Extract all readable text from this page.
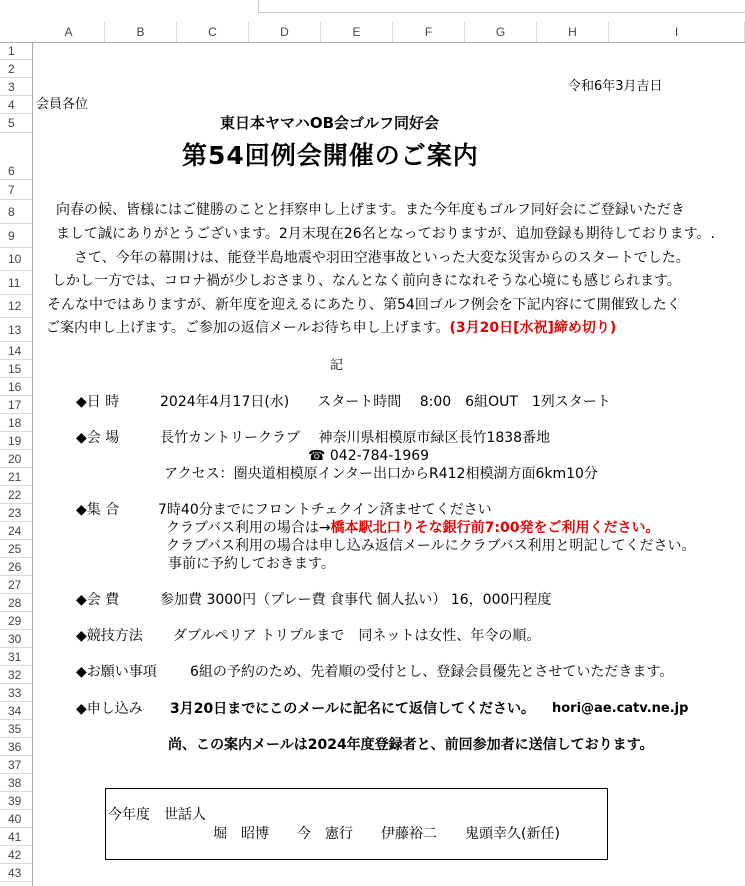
A	B	C	D	E	F	G	H	I
1
2
3
4
5
6
7
8
9
10
11
12
13
14
15
16
17
18
19
20
21
22
23
24
25
26
27
28
29
30
31
32
33
34
35
36
37
38
39
40
41
42
43
令和6年3月吉日
会員各位
東日本ヤマハOB会ゴルフ同好会
第54回例会開催のご案内
向春の候、皆様にはご健勝のことと拝察申し上げます。また今年度もゴルフ同好会にご登録いただき
まして誠にありがとうございます。2月末現在26名となっておりますが、追加登録も期待しております。.
さて、今年の幕開けは、能登半島地震や羽田空港事故といった大変な災害からのスタートでした。
しかし一方では、コロナ禍が少しおさまり、なんとなく前向きになれそうな心境にも感じられます。
そんな中ではありますが、新年度を迎えるにあたり、第54回ゴルフ例会を下記内容にて開催致したく
ご案内申し上げます。ご参加の返信メールお待ち申し上げます。(3月20日[水祝]締め切り)
記
◆日 時	2024年4月17日(水)　　スタート時間　 8:00　6組OUT　1列スタート
◆会 場	長竹カントリークラブ　 神奈川県相模原市緑区長竹1838番地
☎ 042-784-1969
アクセス：圏央道相模原インター出口からR412相模湖方面6km10分
◆集 合	7時40分までにフロントチェクイン済ませてください
クラブバス利用の場合は→橋本駅北口りそな銀行前7:00発をご利用ください。
クラブバス利用の場合は申し込み返信メールにクラブバス利用と明記してください。
事前に予約しておきます。
◆会 費	参加費 3000円（プレー費 食事代 個人払い） 16，000円程度
◆競技方法 ダブルペリア トリプルまで　同ネットは女性、年令の順。
◆お願い事項 6組の予約のため、先着順の受付とし、登録会員優先とさせていただきます。
◆申し込み 3月20日までにこのメールに記名にて返信してください。 hori@ae.catv.ne.jp
尚、この案内メールは2024年度登録者と、前回参加者に送信しております。
今年度　世話人
堀　昭博　　今　憲行　　伊藤裕二　　鬼頭幸久(新任)
